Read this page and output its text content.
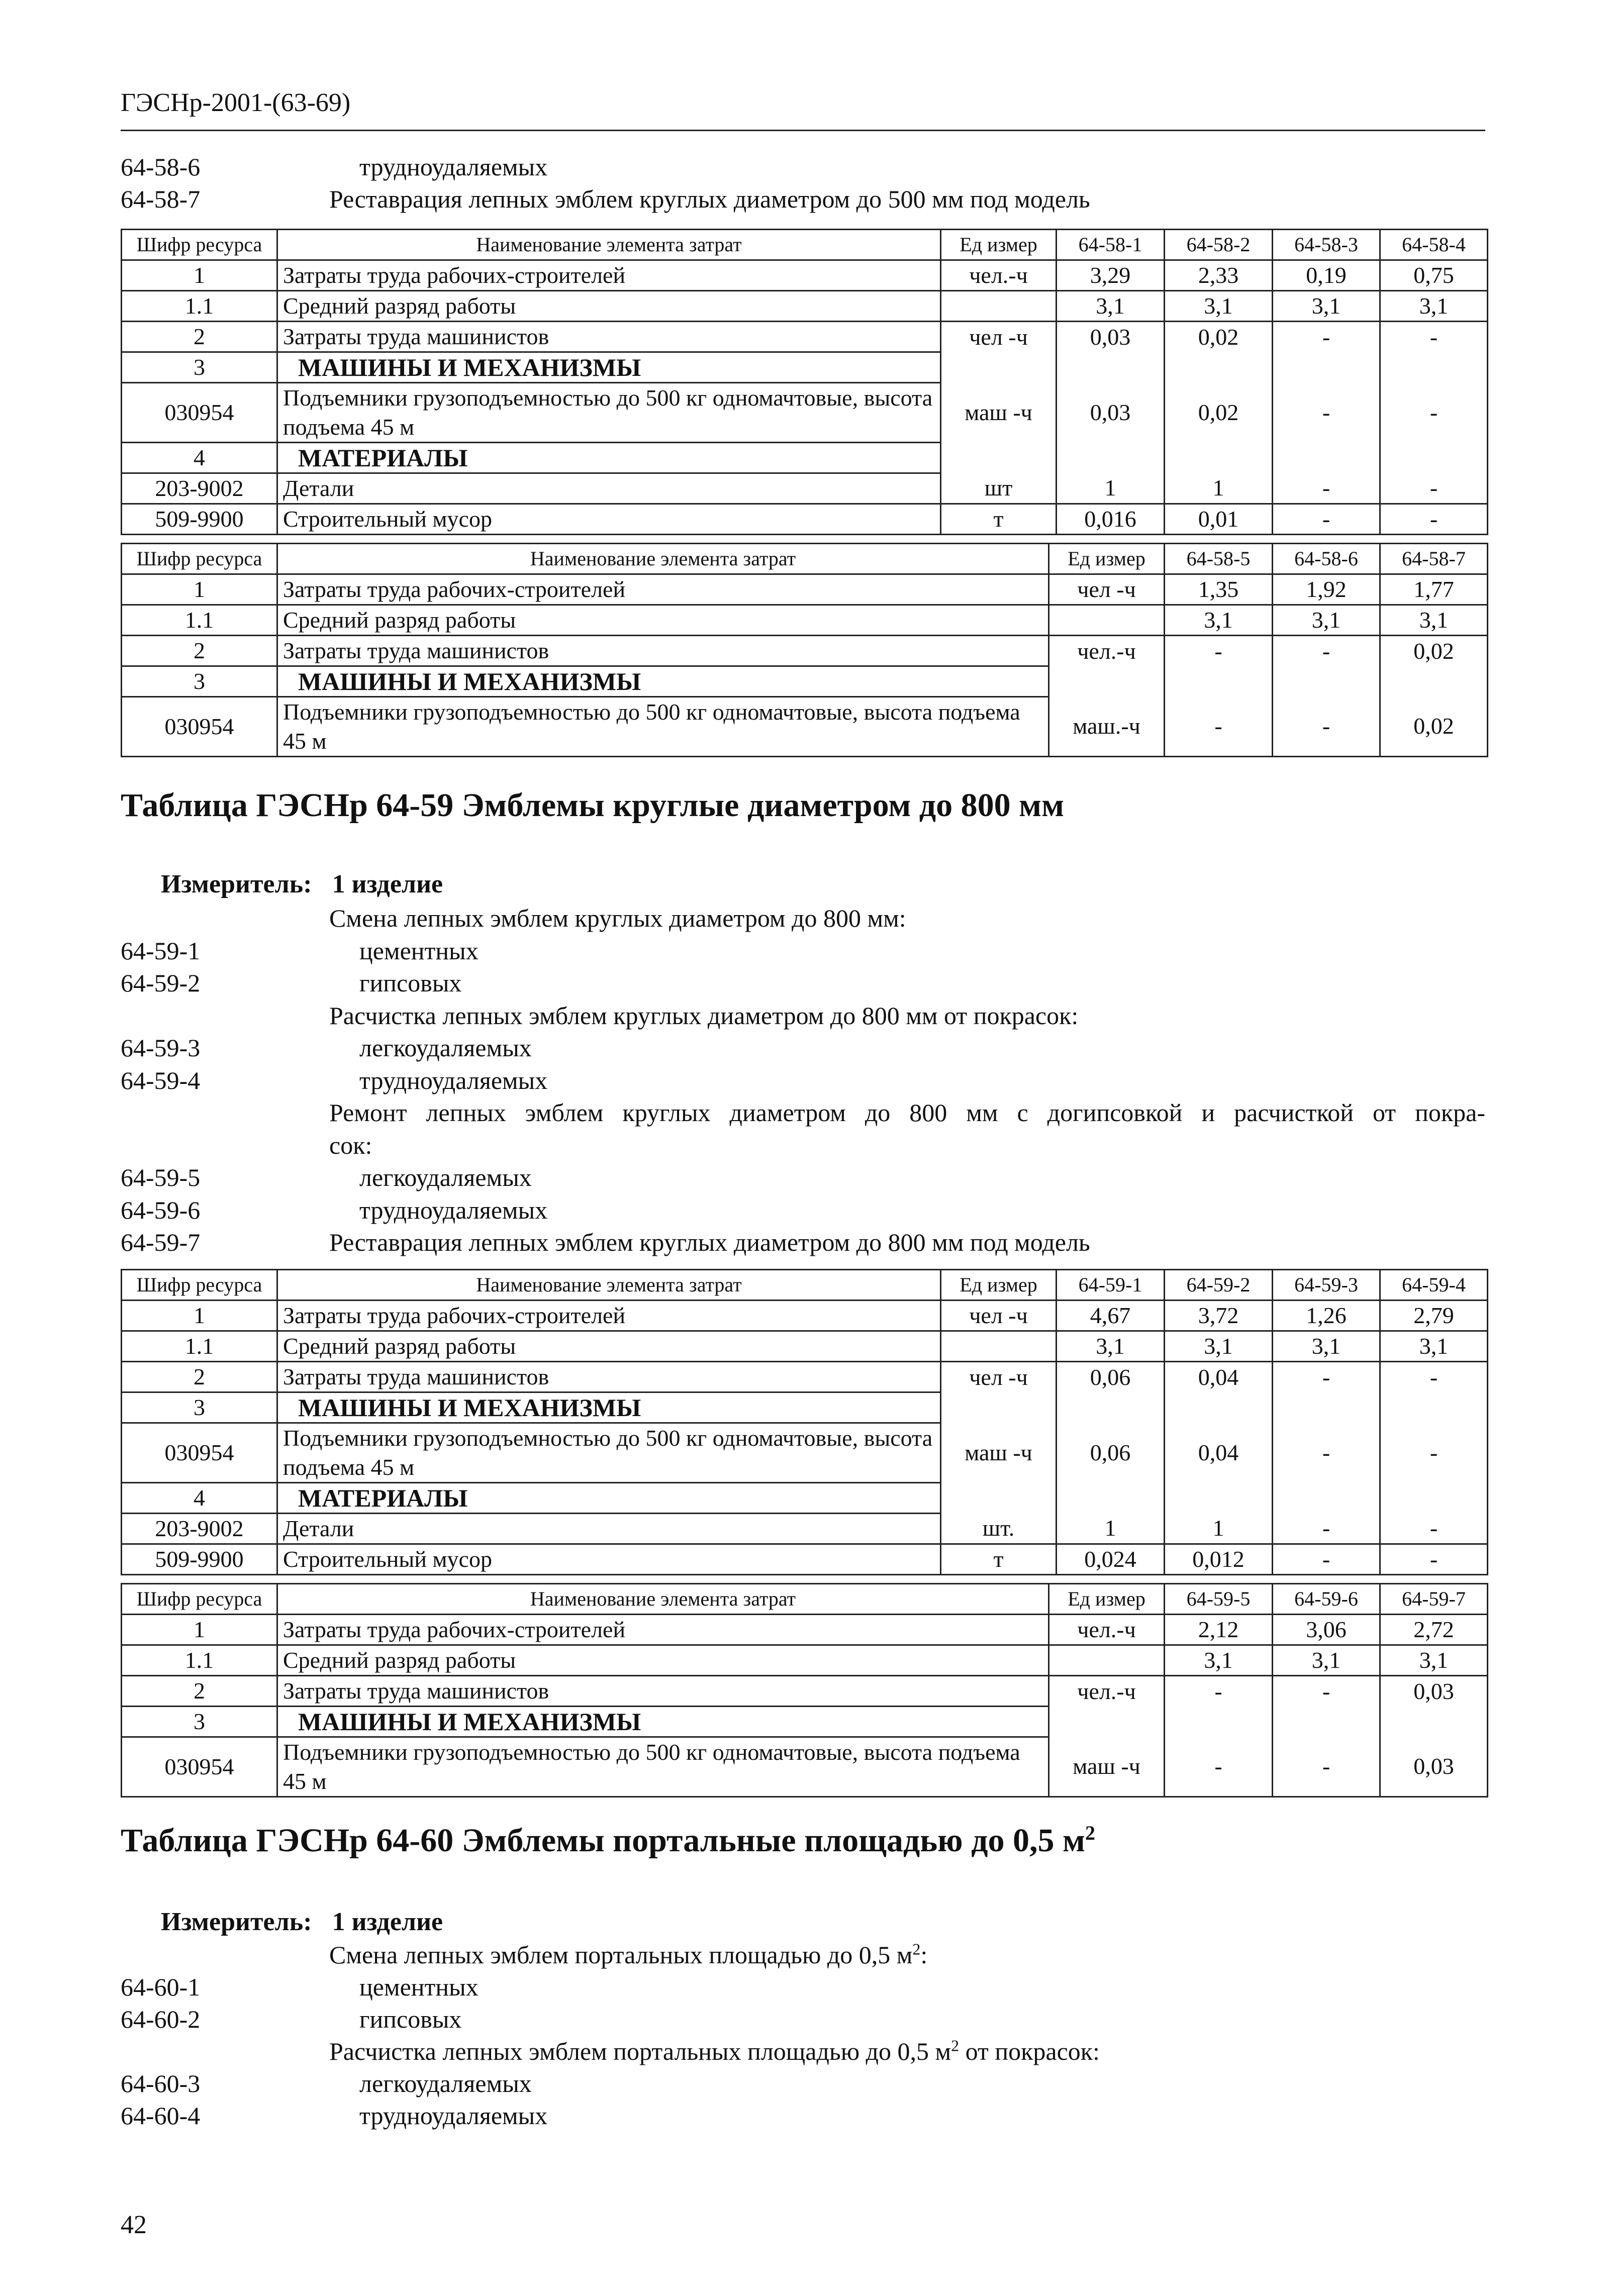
ГЭСНр-2001-(63-69)
64-58-6	трудноудаляемых
64-58-7	Реставрация лепных эмблем круглых диаметром до 500 мм под модель
Шифр ресурса	Наименование элемента затрат	Ед измер	64-58-1	64-58-2	64-58-3	64-58-4
1	Затраты труда рабочих-строителей	чел.-ч	3,29	2,33	0,19	0,75
1.1	Средний разряд работы		3,1	3,1	3,1	3,1
2	Затраты труда машинистов	чел -ч	0,03	0,02	-	-
3	МАШИНЫ И МЕХАНИЗМЫ					
030954	Подъемники грузоподъемностью до 500 кг одномачтовые, высота подъема 45 м	маш -ч	0,03	0,02	-	-
4	МАТЕРИАЛЫ					
203-9002	Детали	шт	1	1	-	-
509-9900	Строительный мусор	т	0,016	0,01	-	-
Шифр ресурса	Наименование элемента затрат	Ед измер	64-58-5	64-58-6	64-58-7
1	Затраты труда рабочих-строителей	чел -ч	1,35	1,92	1,77
1.1	Средний разряд работы		3,1	3,1	3,1
2	Затраты труда машинистов	чел.-ч	-	-	0,02
3	МАШИНЫ И МЕХАНИЗМЫ				
030954	Подъемники грузоподъемностью до 500 кг одномачтовые, высота подъема 45 м	маш.-ч	-	-	0,02
Таблица ГЭСНр 64-59 Эмблемы круглые диаметром до 800 мм
Измеритель: 1 изделие
Смена лепных эмблем круглых диаметром до 800 мм:
64-59-1	цементных
64-59-2	гипсовых
Расчистка лепных эмблем круглых диаметром до 800 мм от покрасок:
64-59-3	легкоудаляемых
64-59-4	трудноудаляемых
Ремонт лепных эмблем круглых диаметром до 800 мм с догипсовкой и расчисткой от покра-
сок:
64-59-5	легкоудаляемых
64-59-6	трудноудаляемых
64-59-7	Реставрация лепных эмблем круглых диаметром до 800 мм под модель
Шифр ресурса	Наименование элемента затрат	Ед измер	64-59-1	64-59-2	64-59-3	64-59-4
1	Затраты труда рабочих-строителей	чел -ч	4,67	3,72	1,26	2,79
1.1	Средний разряд работы		3,1	3,1	3,1	3,1
2	Затраты труда машинистов	чел -ч	0,06	0,04	-	-
3	МАШИНЫ И МЕХАНИЗМЫ					
030954	Подъемники грузоподъемностью до 500 кг одномачтовые, высота подъема 45 м	маш -ч	0,06	0,04	-	-
4	МАТЕРИАЛЫ					
203-9002	Детали	шт.	1	1	-	-
509-9900	Строительный мусор	т	0,024	0,012	-	-
Шифр ресурса	Наименование элемента затрат	Ед измер	64-59-5	64-59-6	64-59-7
1	Затраты труда рабочих-строителей	чел.-ч	2,12	3,06	2,72
1.1	Средний разряд работы		3,1	3,1	3,1
2	Затраты труда машинистов	чел.-ч	-	-	0,03
3	МАШИНЫ И МЕХАНИЗМЫ				
030954	Подъемники грузоподъемностью до 500 кг одномачтовые, высота подъема 45 м	маш -ч	-	-	0,03
Таблица ГЭСНр 64-60 Эмблемы портальные площадью до 0,5 $м^2$
Измеритель: 1 изделие
Смена лепных эмблем портальных площадью до 0,5 $м^2$:
64-60-1	цементных
64-60-2	гипсовых
Расчистка лепных эмблем портальных площадью до 0,5 $м^2$ от покрасок:
64-60-3	легкоудаляемых
64-60-4	трудноудаляемых
42
